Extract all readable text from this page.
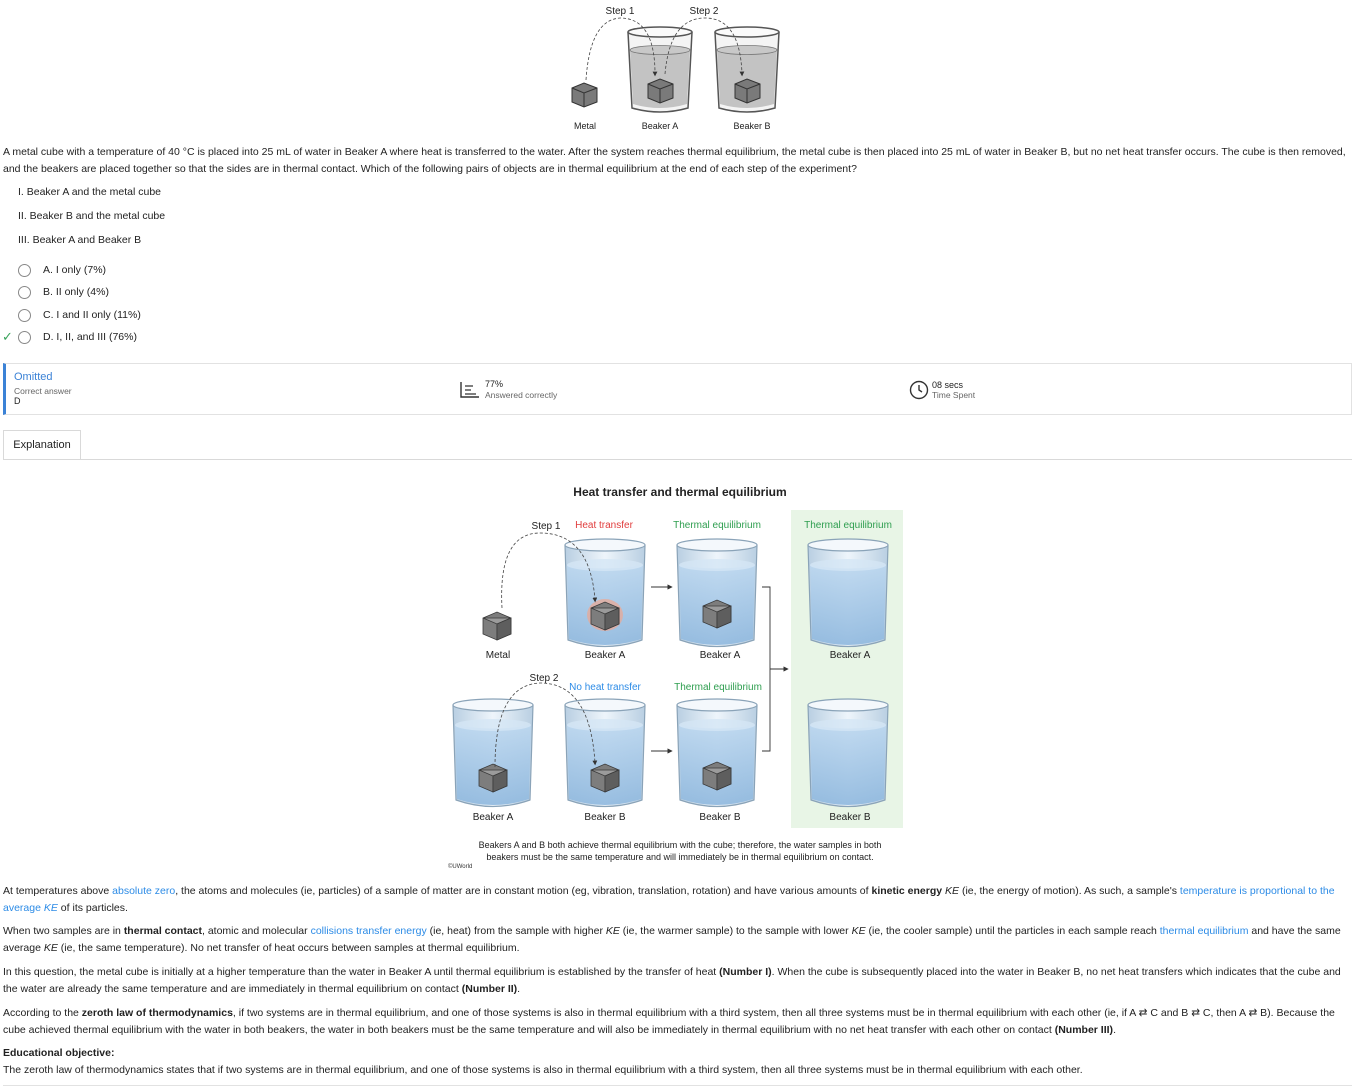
Step 1	Step 2
Metal	Beaker A	Beaker B
A metal cube with a temperature of 40 °C is placed into 25 mL of water in Beaker A where heat is transferred to the water. After the system reaches thermal equilibrium, the metal cube is then placed into 25 mL of water in Beaker B, but no net heat transfer occurs. The cube is then removed, and the beakers are placed together so that the sides are in thermal contact. Which of the following pairs of objects are in thermal equilibrium at the end of each step of the experiment?
I. Beaker A and the metal cube
II. Beaker B and the metal cube
III. Beaker A and Beaker B
A. I only (7%)
B. II only (4%)
C. I and II only (11%)
✓	D. I, II, and III (76%)
Omitted
Correct answer
D
77%
Answered correctly
08 secs
Time Spent
Explanation
Heat transfer and thermal equilibrium
Step 1 Heat transfer	Thermal equilibrium	Thermal equilibrium
Metal	Beaker A	Beaker A	Beaker A
Step 2
No heat transfer	Thermal equilibrium
Beaker A	Beaker B	Beaker B	Beaker B
Beakers A and B both achieve thermal equilibrium with the cube; therefore, the water samples in both
beakers must be the same temperature and will immediately be in thermal equilibrium on contact.
©UWorld
At temperatures above absolute zero, the atoms and molecules (ie, particles) of a sample of matter are in constant motion (eg, vibration, translation, rotation) and have various amounts of kinetic energy KE (ie, the energy of motion). As such, a sample's temperature is proportional to the average KE of its particles.
When two samples are in thermal contact, atomic and molecular collisions transfer energy (ie, heat) from the sample with higher KE (ie, the warmer sample) to the sample with lower KE (ie, the cooler sample) until the particles in each sample reach thermal equilibrium and have the same average KE (ie, the same temperature). No net transfer of heat occurs between samples at thermal equilibrium.
In this question, the metal cube is initially at a higher temperature than the water in Beaker A until thermal equilibrium is established by the transfer of heat (Number I). When the cube is subsequently placed into the water in Beaker B, no net heat transfers which indicates that the cube and the water are already the same temperature and are immediately in thermal equilibrium on contact (Number II).
According to the zeroth law of thermodynamics, if two systems are in thermal equilibrium, and one of those systems is also in thermal equilibrium with a third system, then all three systems must be in thermal equilibrium with each other (ie, if A ⇄ C and B ⇄ C, then A ⇄ B). Because the cube achieved thermal equilibrium with the water in both beakers, the water in both beakers must be the same temperature and will also be immediately in thermal equilibrium with no net heat transfer with each other on contact (Number III).
Educational objective:
The zeroth law of thermodynamics states that if two systems are in thermal equilibrium, and one of those systems is also in thermal equilibrium with a third system, then all three systems must be in thermal equilibrium with each other.
